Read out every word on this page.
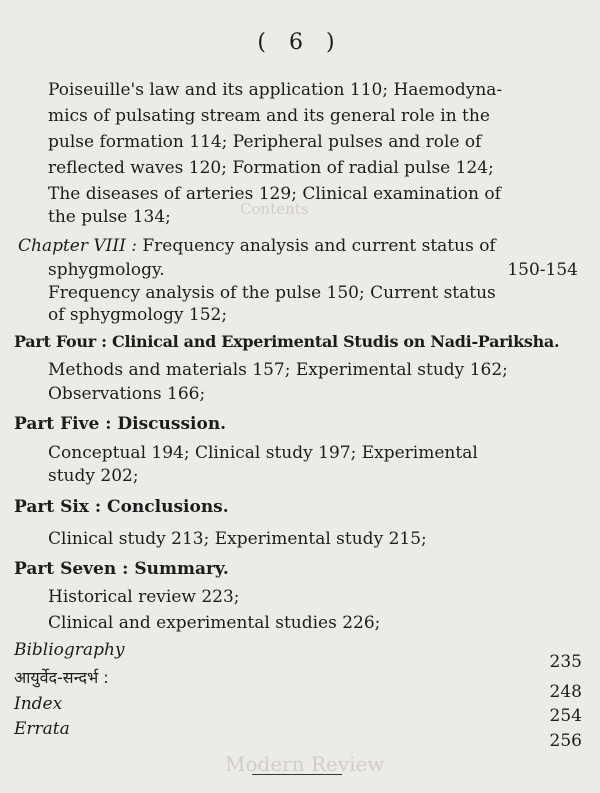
Contents
Modern Review
( 6 )
Poiseuille's law and its application 110; Haemodyna-
mics of pulsating stream and its general role in the
pulse formation 114; Peripheral pulses and role of
reflected waves 120; Formation of radial pulse 124;
The diseases of arteries 129; Clinical examination of
the pulse 134;
Chapter VIII : Frequency analysis and current status of
sphygmology.	150-154
Frequency analysis of the pulse 150; Current status
of sphygmology 152;
Part Four : Clinical and Experimental Studis on Nadi-Pariksha.
Methods and materials 157; Experimental study 162;
Observations 166;
Part Five : Discussion.
Conceptual 194; Clinical study 197; Experimental
study 202;
Part Six : Conclusions.
Clinical study 213; Experimental study 215;
Part Seven : Summary.
Historical review 223;
Clinical and experimental studies 226;
Bibliography
235
आयुर्वेद-सन्दर्भ :
248
Index
254
Errata
256
